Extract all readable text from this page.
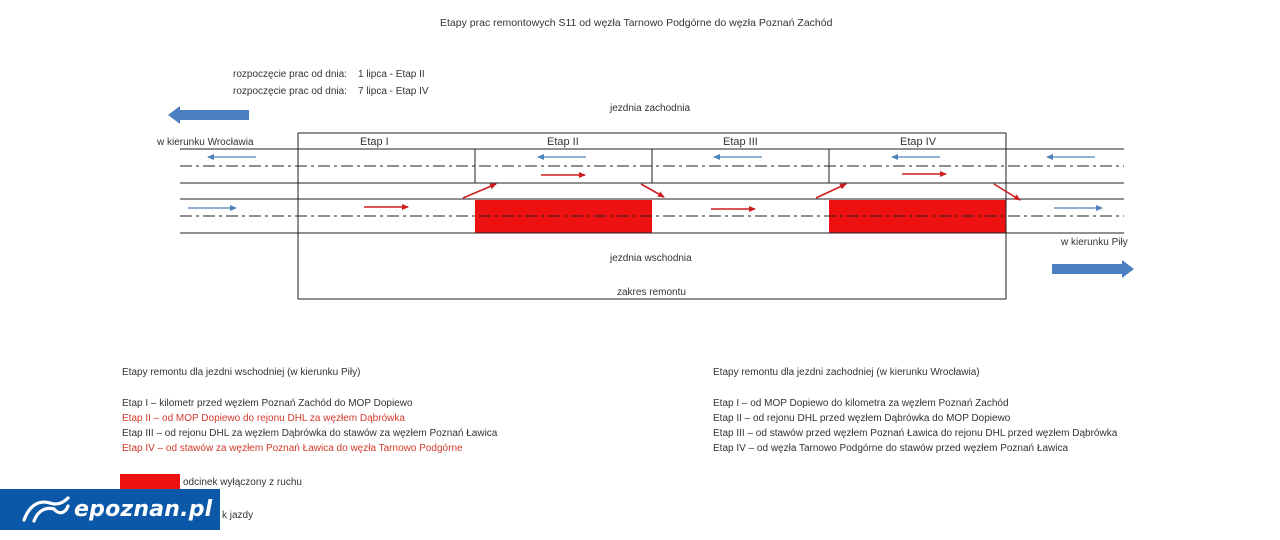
Etapy prac remontowych S11 od węzła Tarnowo Podgórne do węzła Poznań Zachód
rozpoczęcie prac od dnia: 1 lipca - Etap II
rozpoczęcie prac od dnia: 7 lipca - Etap IV
jezdnia zachodnia
w kierunku Wrocławia	Etap I	Etap II	Etap III	Etap IV
w kierunku Piły
jezdnia wschodnia
zakres remontu
Etapy remontu dla jezdni wschodniej (w kierunku Piły)
Etap I – kilometr przed węzłem Poznań Zachód do MOP Dopiewo
Etap II – od MOP Dopiewo do rejonu DHL za węzłem Dąbrówka
Etap III – od rejonu DHL za węzłem Dąbrówka do stawów za węzłem Poznań Ławica
Etap IV – od stawów za węzłem Poznań Ławica do węzła Tarnowo Podgórne
Etapy remontu dla jezdni zachodniej (w kierunku Wrocławia)
Etap I – od MOP Dopiewo do kilometra za węzłem Poznań Zachód
Etap II – od rejonu DHL przed węzłem Dąbrówka do MOP Dopiewo
Etap III – od stawów przed węzłem Poznań Ławica do rejonu DHL przed węzłem Dąbrówka
Etap IV – od węzła Tarnowo Podgórne do stawów przed węzłem Poznań Ławica
odcinek wyłączony z ruchu
k jazdy
epoznan.pl
